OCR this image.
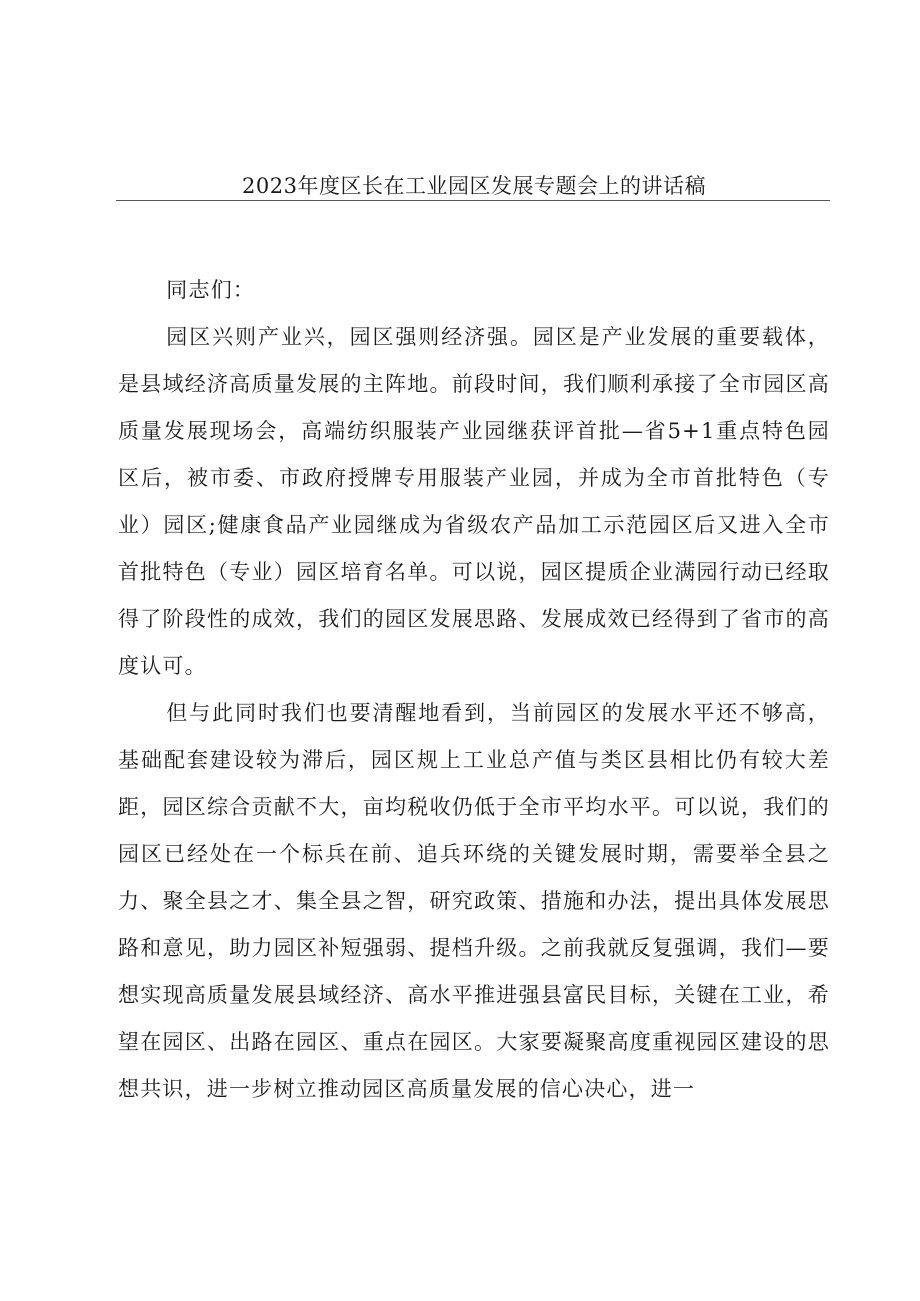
2023年度区长在工业园区发展专题会上的讲话稿

同志们：

园区兴则产业兴，园区强则经济强。园区是产业发展的重要载体，是县域经济高质量发展的主阵地。前段时间，我们顺利承接了全市园区高质量发展现场会，高端纺织服装产业园继获评首批—省5+1重点特色园区后，被市委、市政府授牌专用服装产业园，并成为全市首批特色（专业）园区;健康食品产业园继成为省级农产品加工示范园区后又进入全市首批特色（专业）园区培育名单。可以说，园区提质企业满园行动已经取得了阶段性的成效，我们的园区发展思路、发展成效已经得到了省市的高度认可。

但与此同时我们也要清醒地看到，当前园区的发展水平还不够高，基础配套建设较为滞后，园区规上工业总产值与类区县相比仍有较大差距，园区综合贡献不大，亩均税收仍低于全市平均水平。可以说，我们的园区已经处在一个标兵在前、追兵环绕的关键发展时期，需要举全县之力、聚全县之才、集全县之智，研究政策、措施和办法，提出具体发展思路和意见，助力园区补短强弱、提档升级。之前我就反复强调，我们—要想实现高质量发展县域经济、高水平推进强县富民目标，关键在工业，希望在园区、出路在园区、重点在园区。大家要凝聚高度重视园区建设的思想共识，进一步树立推动园区高质量发展的信心决心，进一
